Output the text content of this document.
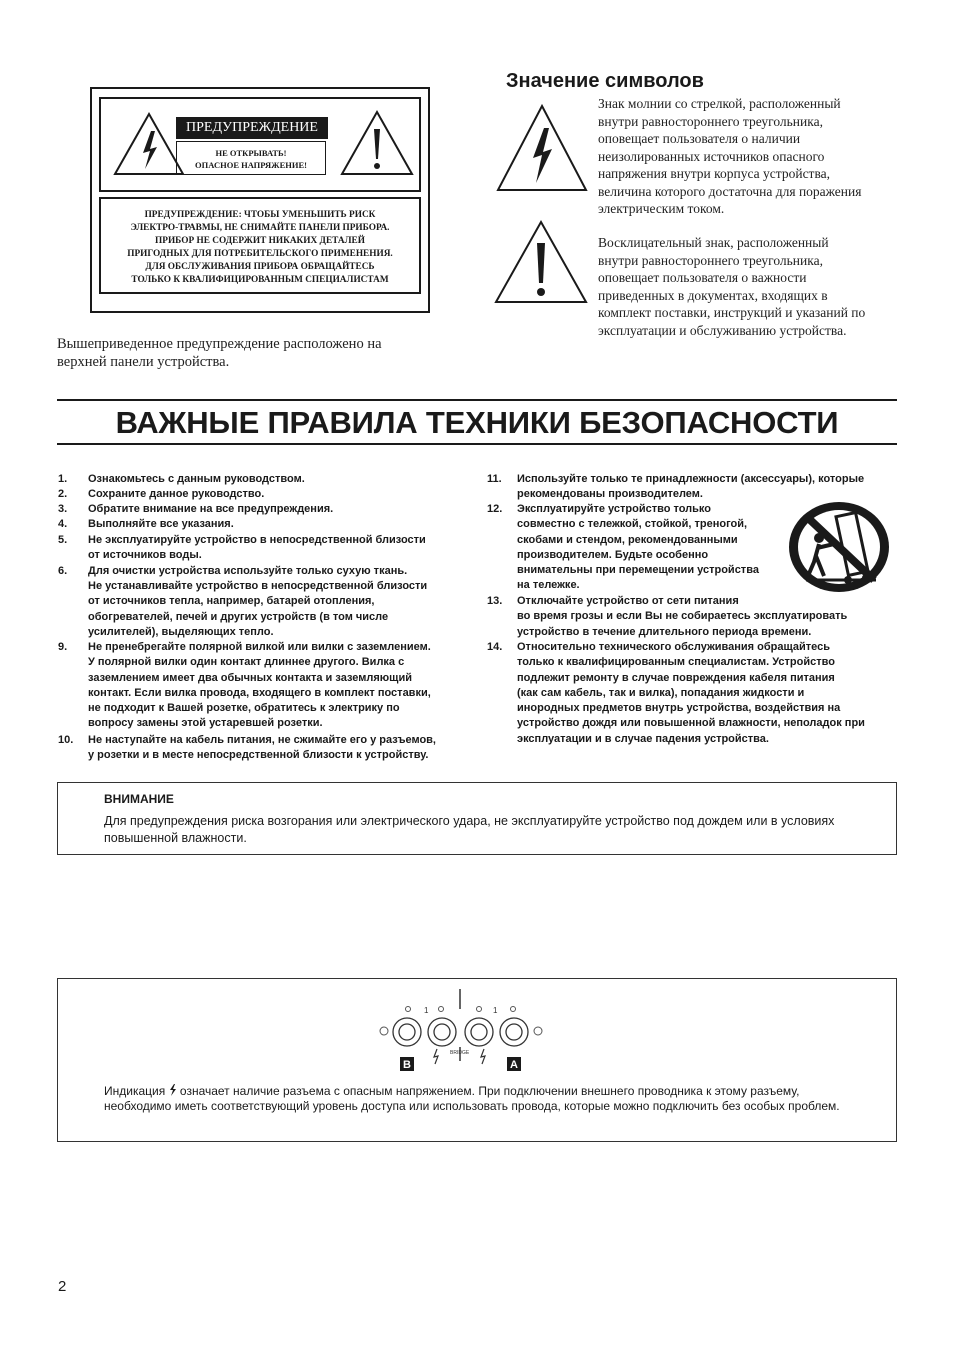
ПРЕДУПРЕЖДЕНИЕ
НЕ ОТКРЫВАТЬ!
ОПАСНОЕ НАПРЯЖЕНИЕ!
ПРЕДУПРЕЖДЕНИЕ: ЧТОБЫ УМЕНЬШИТЬ РИСК
ЭЛЕКТРО-ТРАВМЫ, НЕ СНИМАЙТЕ ПАНЕЛИ ПРИБОРА.
ПРИБОР НЕ СОДЕРЖИТ НИКАКИХ ДЕТАЛЕЙ
ПРИГОДНЫХ ДЛЯ ПОТРЕБИТЕЛЬСКОГО ПРИМЕНЕНИЯ.
ДЛЯ ОБСЛУЖИВАНИЯ ПРИБОРА ОБРАЩАЙТЕСЬ
ТОЛЬКО К КВАЛИФИЦИРОВАННЫМ СПЕЦИАЛИСТАМ
Вышеприведенное предупреждение расположено на
верхней панели устройства.
Значение символов
Знак молнии со стрелкой, расположенный
внутри равностороннего треугольника,
оповещает пользователя о наличии
неизолированных источников опасного
напряжения внутри корпуса устройства,
величина которого достаточна для поражения
электрическим током.
Восклицательный знак, расположенный
внутри равностороннего треугольника,
оповещает пользователя о важности
приведенных в документах, входящих в
комплект поставки, инструкций и указаний по
эксплуатации и обслуживанию устройства.
ВАЖНЫЕ ПРАВИЛА ТЕХНИКИ БЕЗОПАСНОСТИ
1.	Ознакомьтесь с данным руководством.
2.	Сохраните данное руководство.
3.	Обратите внимание на все предупреждения.
4.	Выполняйте все указания.
5.	Не эксплуатируйте устройство в непосредственной близости
от источников воды.
6.	Для очистки устройства используйте только сухую ткань.
Не устанавливайте устройство в непосредственной близости
от источников тепла, например, батарей отопления,
обогревателей, печей и других устройств (в том числе
усилителей), выделяющих тепло.
9.	Не пренебрегайте полярной вилкой или вилки с заземлением.
У полярной вилки один контакт длиннее другого. Вилка с
заземлением имеет два обычных контакта и заземляющий
контакт. Если вилка провода, входящего в комплект поставки,
не подходит к Вашей розетке, обратитесь к электрику по
вопросу замены этой устаревшей розетки.
10.	Не наступайте на кабель питания, не сжимайте его у разъемов,
у розетки и в месте непосредственной близости к устройству.
11.	Используйте только те принадлежности (аксессуары), которые
рекомендованы производителем.
12.	Эксплуатируйте устройство только
совместно с тележкой, стойкой, треногой,
скобами и стендом, рекомендованными
производителем. Будьте особенно
внимательны при перемещении устройства
на тележке.
13.	Отключайте устройство от сети питания
во время грозы и если Вы не собираетесь эксплуатировать
устройство в течение длительного периода времени.
14.	Относительно технического обслуживания обращайтесь
только к квалифицированным специалистам. Устройство
подлежит ремонту в случае повреждения кабеля питания
(как сам кабель, так и вилка), попадания жидкости и
инородных предметов внутрь устройства, воздействия на
устройство дождя или повышенной влажности, неполадок при
эксплуатации и в случае падения устройства.
ВНИМАНИЕ
Для предупреждения риска возгорания или электрического удара, не эксплуатируйте устройство под дождем или в условиях повышенной влажности.
1	1
BRIDGE
B	A
Индикация означает наличие разъема с опасным напряжением. При подключении внешнего проводника к этому разъему, необходимо иметь соответствующий уровень доступа или использовать провода, которые можно подключить без особых проблем.
2
